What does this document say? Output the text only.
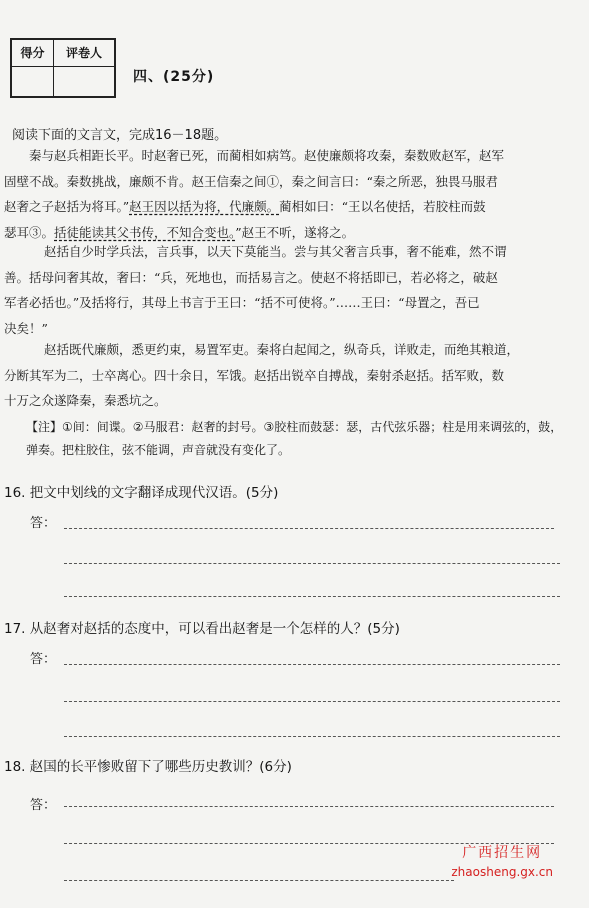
得分	评卷人
四、(25分)
阅读下面的文言文，完成16－18题。
秦与赵兵相距长平。时赵奢已死，而蔺相如病笃。赵使廉颇将攻秦，秦数败赵军，赵军
固壁不战。秦数挑战，廉颇不肯。赵王信秦之间①，秦之间言曰：“秦之所恶，独畏马服君
赵奢之子赵括为将耳。”赵王因以括为将，代廉颇。蔺相如曰：“王以名使括，若胶柱而鼓
瑟耳③。括徒能读其父书传，不知合变也。”赵王不听，遂将之。
赵括自少时学兵法，言兵事，以天下莫能当。尝与其父奢言兵事，奢不能难，然不谓
善。括母问奢其故，奢曰：“兵，死地也，而括易言之。使赵不将括即已，若必将之，破赵
军者必括也。”及括将行，其母上书言于王曰：“括不可使将。”……王曰：“母置之，吾已
决矣！”
赵括既代廉颇，悉更约束，易置军吏。秦将白起闻之，纵奇兵，详败走，而绝其粮道，
分断其军为二，士卒离心。四十余日，军饿。赵括出锐卒自搏战，秦射杀赵括。括军败，数
十万之众遂降秦，秦悉坑之。
【注】①间：间谍。②马服君：赵奢的封号。③胶柱而鼓瑟：瑟，古代弦乐器；柱是用来调弦的，鼓，
弹奏。把柱胶住，弦不能调，声音就没有变化了。
16. 把文中划线的文字翻译成现代汉语。(5分)
答：
17. 从赵奢对赵括的态度中，可以看出赵奢是一个怎样的人？(5分)
答：
18. 赵国的长平惨败留下了哪些历史教训？(6分)
答：
广西招生网
zhaosheng.gx.cn
